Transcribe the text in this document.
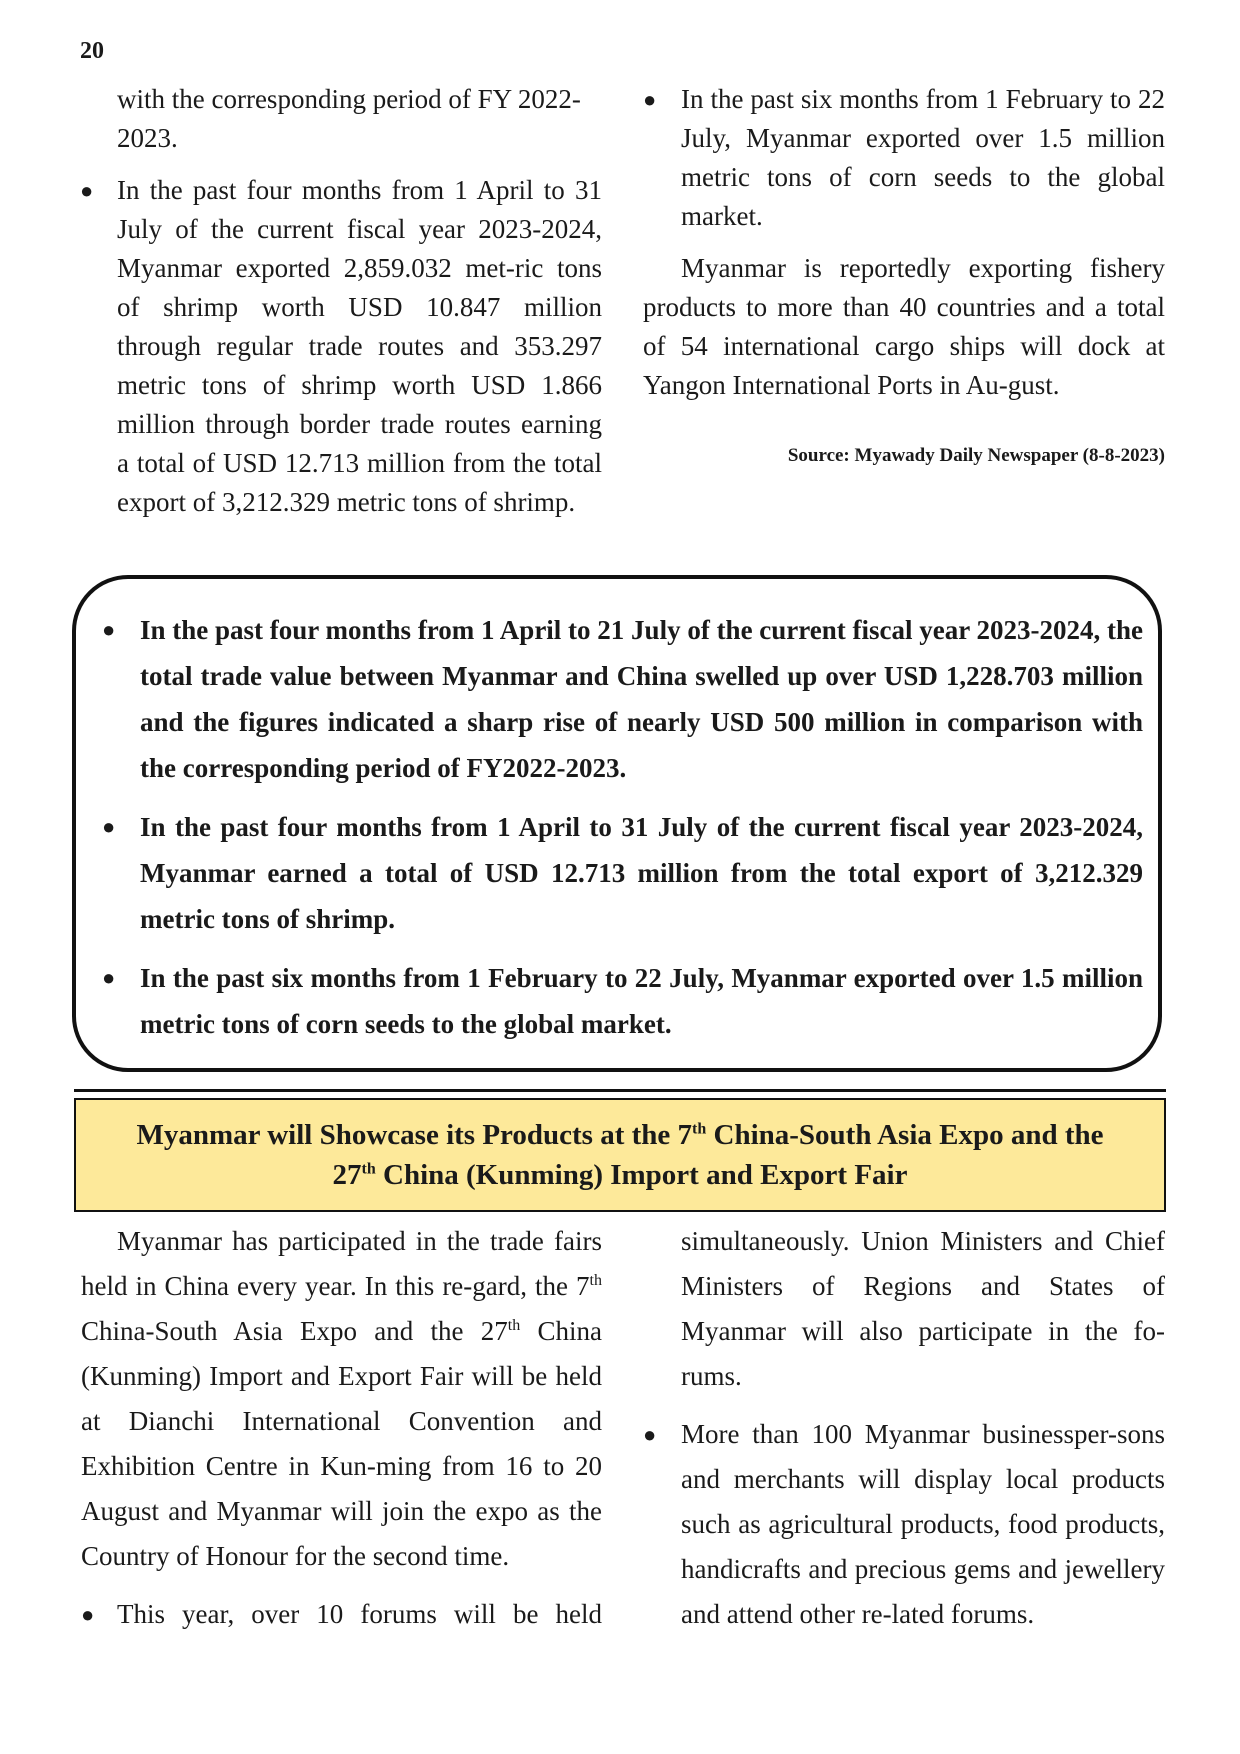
20

with the corresponding period of FY 2022-2023.

● In the past four months from 1 April to 31 July of the current fiscal year 2023-2024, Myanmar exported 2,859.032 met-ric tons of shrimp worth USD 10.847 million through regular trade routes and 353.297 metric tons of shrimp worth USD 1.866 million through border trade routes earning a total of USD 12.713 million from the total export of 3,212.329 metric tons of shrimp.

● In the past six months from 1 February to 22 July, Myanmar exported over 1.5 million metric tons of corn seeds to the global market.

Myanmar is reportedly exporting fishery products to more than 40 countries and a total of 54 international cargo ships will dock at Yangon International Ports in Au-gust.

Source: Myawady Daily Newspaper (8-8-2023)

● In the past four months from 1 April to 21 July of the current fiscal year 2023-2024, the total trade value between Myanmar and China swelled up over USD 1,228.703 million and the figures indicated a sharp rise of nearly USD 500 million in comparison with the corresponding period of FY2022-2023.
● In the past four months from 1 April to 31 July of the current fiscal year 2023-2024, Myanmar earned a total of USD 12.713 million from the total export of 3,212.329 metric tons of shrimp.
● In the past six months from 1 February to 22 July, Myanmar exported over 1.5 million metric tons of corn seeds to the global market.
Myanmar will Showcase its Products at the 7th China-South Asia Expo and the
27th China (Kunming) Import and Export Fair

Myanmar has participated in the trade fairs held in China every year. In this re-gard, the 7th China-South Asia Expo and the 27th China (Kunming) Import and Export Fair will be held at Dianchi International Convention and Exhibition Centre in Kun-ming from 16 to 20 August and Myanmar will join the expo as the Country of Honour for the second time.

● This year, over 10 forums will be held

simultaneously. Union Ministers and Chief Ministers of Regions and States of Myanmar will also participate in the fo-rums.

● More than 100 Myanmar businessper-sons and merchants will display local products such as agricultural products, food products, handicrafts and precious gems and jewellery and attend other re-lated forums.
